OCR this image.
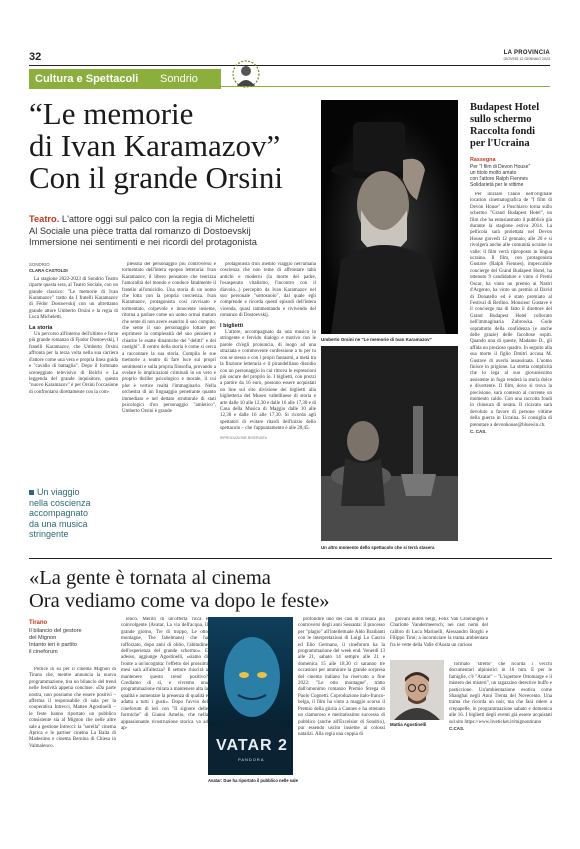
32	LA PROVINCIA
GIOVEDÌ 12 GENNAIO 2023
Cultura e Spettacoli Sondrio
“Le memorie
di Ivan Karamazov”
Con il grande Orsini
Teatro. L'attore oggi sul palco con la regia di Micheletti
Al Sociale una pièce tratta dal romanzo di Dostoevskij
Immersione nei sentimenti e nei ricordi del protagonista
SONDRIO
CLARA CASTOLDI

La stagione 2022-2023 di Sondrio Teatro riparte questa sera, al Teatro Sociale, con un grande classico: "Le memorie di Ivan Karamazov" tratto da I fratelli Karamazov di Fëdor Dostoevskij con un altrettanto grande attore Umberto Orsini e la regia di Luca Micheletti.

La storia

Un percorso all'interno dell'ultimo e forse più grande romanzo di Fjodor Dostoevskij, I fratelli Karamazov, che Umberto Orsini affronta per la terza volta nella sua carriera d'attore come una vera e propria linea guida e "cavallo di battaglia". Dopo il fortunato sceneggiato televisivo di Bolchi e La leggenda del grande inquisitore, questo "nuovo Karamazov" è per Orsini l'occasione di confrontarsi direttamente con la com-

Un viaggio
nella coscienza
accompagnato
da una musica
stringente

plessità del personaggio più controverso e tormentato dell'intera epopea letteraria: Ivan Karamazov, il libero pensatore che teorizza l'amoralità del mondo e conduce fatalmente il fratello all'omicidio. Una storia di un uomo che lotta con la propria coscienza. Ivan Karamazov, protagonista così ravvisato e tormentato, colpevole e innocente insieme, ritorna a parlare come un uomo ormai maturo che sente di non avere esaurito il suo compito, che sente il suo personaggio lottare per esprimere la complessità del suo pensiero e chiarire le esatte dinamiche dei "delitti" e dei castighi". Il centro della storia è come si cerca a raccontare la sua storia. Compila le sue memorie a teatro di fare luce sui propri sentimenti e sulla propria filosofia, provando a svelare le implicazioni criminali in un vero e proprio thriller psicologico e morale, il cui plot è vertice realtà l'immaginario. Nella orchestra di un linguaggio penetrante quanto immediato e nel dettato strutturale di stati psicologici d'un personaggio "amletico", Umberto Orsini è grande

protagonista d'un inedito viaggio nell'umana coscienza che non teme di affrontare tabù antichi e moderni (la morte del padre, l'esasperato vitalismo, l'incontro con il diavolo...) percepito da Ivan Karamazov nel suo personale "sottosuolo", dal quale egli comprende e ricorda questi episodi dell'intera vicenda, quasi rammentando e rivivendo del romanzo di Dostoevskij.

I biglietti

L'attore, accompagnato da una musica in stringente e fervido dialogo e motivo con le parole ch'egli pronuncia, di luogo ad una straziata e commovente confessione a tu per tu con se stesso e con i propri fantasmi, a metà tra la finzione letteraria e il pirandelliano dissidio con un personaggio in cui ritrova le espressioni più oscure del proprio io. I biglietti, con prezzi a partire da 16 euro, possono essere acquistati on line sul sito divisione dei biglietti alla biglietteria del Museo valtellinese di storia e arte dalle 10 alle 12,30 e dalle 16 alle 17,30 e di Casa della Musica di Maggio dalle 10 alle 12,30 e dalle 16 alle 17,30. Si ricorda agli spettatori di evitare ritardi dell'inizio dello spettacolo – che l'appuntamento è alle 20,45.

RIPRODUZIONE RISERVATA
Umberto Orsini ne "Le memorie di Ivan Karamazov"
Un altro momento dello spettacolo che si terrà stasera
Budapest Hotel
sullo schermo
Raccolta fondi
per l'Ucraina
Rassegna
Per "I film di Devon House"
un titolo molto amato
con l'attore Ralph Fiennes
Solidarietà per le vittime

Per iniziare l'anno nell'originale location cinematografica de "I film di Devon House" a Poschiavo torna sullo schermo "Grand Budapest Hotel", un film che ha entusiasmato il pubblico già durante la stagione estiva 2014. La pellicola sarà proiettata nel Devon House giovedì 12 gennaio, alle 20 e si rivolgerà anche alle comunità ucraine in valle: il film verrà riproposto in lingua ucraina. Il film, con protagonista Gustave (Ralph Fiennes), impeccabile concierge del Grand Budapest Hotel, ha ottenuto 9 candidature e vinto 4 Premi Oscar, ha vinto un premio ai Nastri d'Argento, ha vinto un premio al David di Donatello ed è stato premiato al Festival di Berlino. Monsieur Gustave è il concierge ma di fatto il direttore del Grand Budapest Hotel collocato nell'immaginaria Zubrowka. Gode soprattutto della confidenza (e anche delle grazie) delle facoltose ospiti. Quando una di queste, Madame D., gli affida un prezioso quadro. In seguito alla sua morte il figlio Dmitri accusa M. Gustave di averla assassinata. L'uomo finisce in prigione. La stretta complicità che lo lega al suo giovanissimo assistente in fuga renderà la storia dolce e divertente. Il film, dove si trova la precisione, sarà contesto al corrente un momento caldo. Con una raccolta fondi in chiusura di serata. Il ricavato sarà devoluto a favore di persone vittime della guerra in Ucraina. Si consiglia di prenotare a devonhouse@bluewin.ch.

C. CAS.
«La gente è tornata al cinema
Ora vediamo come va dopo le feste»
Tirano
Il bilancio del gestore
del Mignon
Intanto ieri è partito
il cineforum

Pollice in su per il cinema Mignon di Tirano che, mentre annuncia la nuova programmazione, tira un bilancio del trend nelle festività appena concluse. «Da parte nostra, non possiamo che essere positivi – afferma il responsabile di sala per la cooperativa Intrecci, Matteo Agostinelli – le feste hanno riportato un pubblico consistente sia al Mignon che nelle altre sale a gestione Intrecci: la "sorella" cinema Aprica e le partner cinema La Baita di Madesimo e cinema Bernina di Chiesa in Valmalenco.

lenco. Merito di un'offerta ricca e coinvolgente (Avatar, La via dell'acqua, Il grande giorno, Tre di troppo, Le otto montagne, The fabelmans) che ha rafforzato, dopo anni di oblio, l'abitudine dell'esperienza del grande schermo». E adesso, aggiunge Agostinelli, «siamo di fronte a un'incognita: l'effetto dei prossimi mesi sarà all'altezza? Il settore riuscirà a mantenere questo trend positivo? Crediamo di sì, e vivremo una programmazione mirata a mantenere alta la qualità e aumentare la presenza di qualità e adatta a tutti i gusti». Dopo l'avvio del cineforum di ieri con "Il signore delle formiche" di Gianni Amelio, che nella appassionante ricostruzione storica va ad ap-

VATAR 2
PANDORA
Avatar: Due ha riportato il pubblico nelle sale

profondire uno dei casi di cronaca più controversi degli anni Sessanta: il processo per "plagio" all'intellettuale Aldo Braibanti con le interpretazioni di Luigi Lo Cascio ed Elio Germano, il cineforum ha la programmazione del week end. Venerdì 13 alle 21, sabato 14 sempre alle 21 e domenica 15 alle 18,30 ci saranno tre occasioni per ammirare la grande sorpresa del cinema italiano ha riservato a fine 2022: "Le otto montagne", tratto dall'omonimo romanzo Premio Strega di Paolo Cognetti. Coproduzione italo-franco-belga, il film ha vinto a maggio scorso il Premio della giuria a Cannes e ha ottenuto un clamoroso e meritatissimo successo di pubblico (anche all'Excelsior di Sondrio), pur essendo uscito insieme ai colossi natalizi. Alla regia una coppia di

giovani autori belgi, Felix Van Groeningen e Charlotte Vandermeersch; nei cast nomi del calibro di Luca Marinelli, Alessandro Borghi e Filippo Timi; a incorniciare la trama ambientata fra le vette della Valle d'Aosta un curioso

Mattia Agostinelli

formato "stretto" che ricorda i vecchi documentari alpinistici in 16 mm. E per le famiglie, c'è "Avatar" – "L'ispettore Ottomarge e il mistero dei misteri", un ragazzino detective buffo e pasticcione. Un'ambientazione esotica come Shanghai negli Anni Trenta del Novecento. Una trama che ricorda un noir, ma che farà ridere a crepapelle, in programmazione sabato e domenica alle 16. I biglietti degli eventi già essere acquistati sul sito https://www.liveticket.it/mignontirano

C.CAS.
